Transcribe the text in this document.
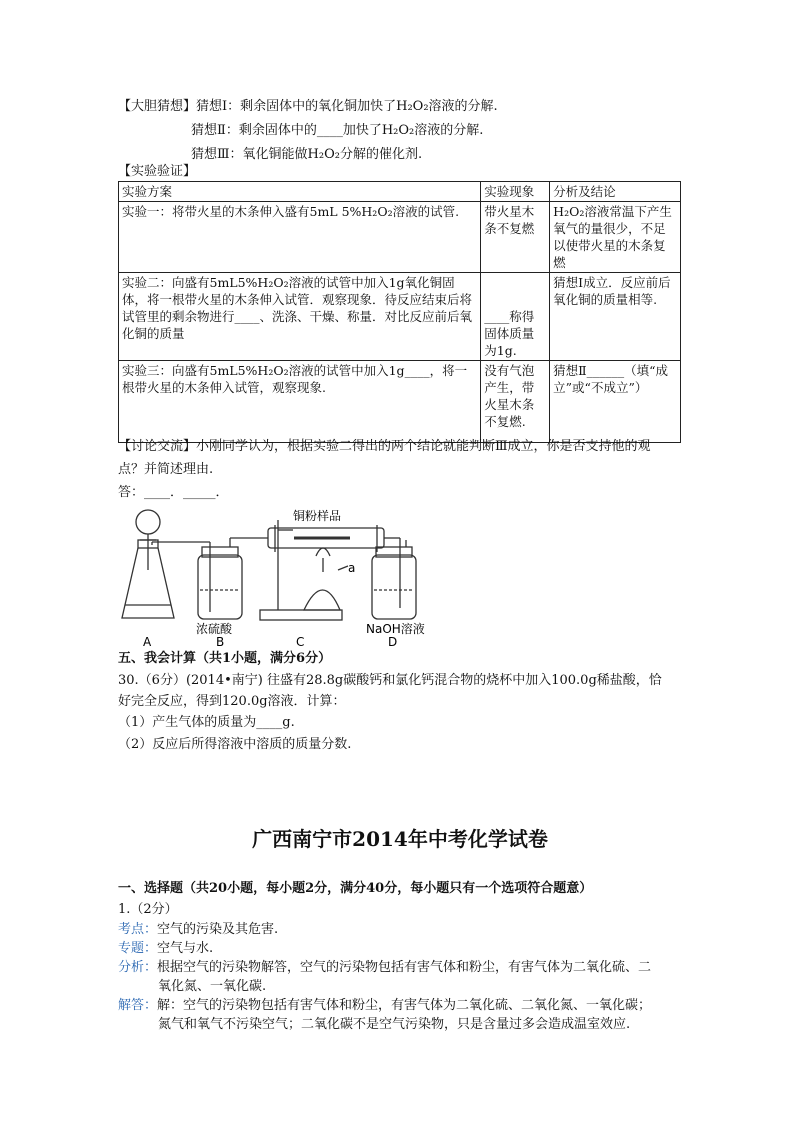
【大胆猜想】猜想Ⅰ：剩余固体中的氧化铜加快了H₂O₂溶液的分解.
猜想Ⅱ：剩余固体中的____加快了H₂O₂溶液的分解.
猜想Ⅲ：氧化铜能做H₂O₂分解的催化剂.
【实验验证】
实验方案	实验现象	分析及结论
实验一：将带火星的木条伸入盛有5mL 5%H₂O₂溶液的试管.	带火星木条不复燃	H₂O₂溶液常温下产生氧气的量很少，不足以使带火星的木条复燃
实验二：向盛有5mL5%H₂O₂溶液的试管中加入1g氧化铜固体，将一根带火星的木条伸入试管．观察现象．待反应结束后将试管里的剩余物进行____、洗涤、干燥、称量．对比反应前后氧化铜的质量	____称得固体质量为1g.	猜想Ⅰ成立．反应前后氧化铜的质量相等.
实验三：向盛有5mL5%H₂O₂溶液的试管中加入1g____，将一根带火星的木条伸入试管，观察现象.	没有气泡产生，带火星木条不复燃.	猜想Ⅱ______（填“成立”或“不成立”）
【讨论交流】小刚同学认为，根据实验二得出的两个结论就能判断Ⅲ成立，你是否支持他的观
点？并简述理由.
答：____．_____．
铜粉样品
a
浓硫酸	NaOH溶液
A	B	C	D
五、我会计算（共1小题，满分6分）
30.（6分）(2014•南宁) 往盛有28.8g碳酸钙和氯化钙混合物的烧杯中加入100.0g稀盐酸，恰
好完全反应，得到120.0g溶液．计算：
（1）产生气体的质量为____g.
（2）反应后所得溶液中溶质的质量分数.
广西南宁市2014年中考化学试卷
一、选择题（共20小题，每小题2分，满分40分，每小题只有一个选项符合题意）
1.（2分）
考点：空气的污染及其危害.
专题：空气与水.
分析：根据空气的污染物解答，空气的污染物包括有害气体和粉尘，有害气体为二氧化硫、二
氧化氮、一氧化碳.
解答：解：空气的污染物包括有害气体和粉尘，有害气体为二氧化硫、二氧化氮、一氧化碳；
氮气和氧气不污染空气；二氧化碳不是空气污染物，只是含量过多会造成温室效应.
